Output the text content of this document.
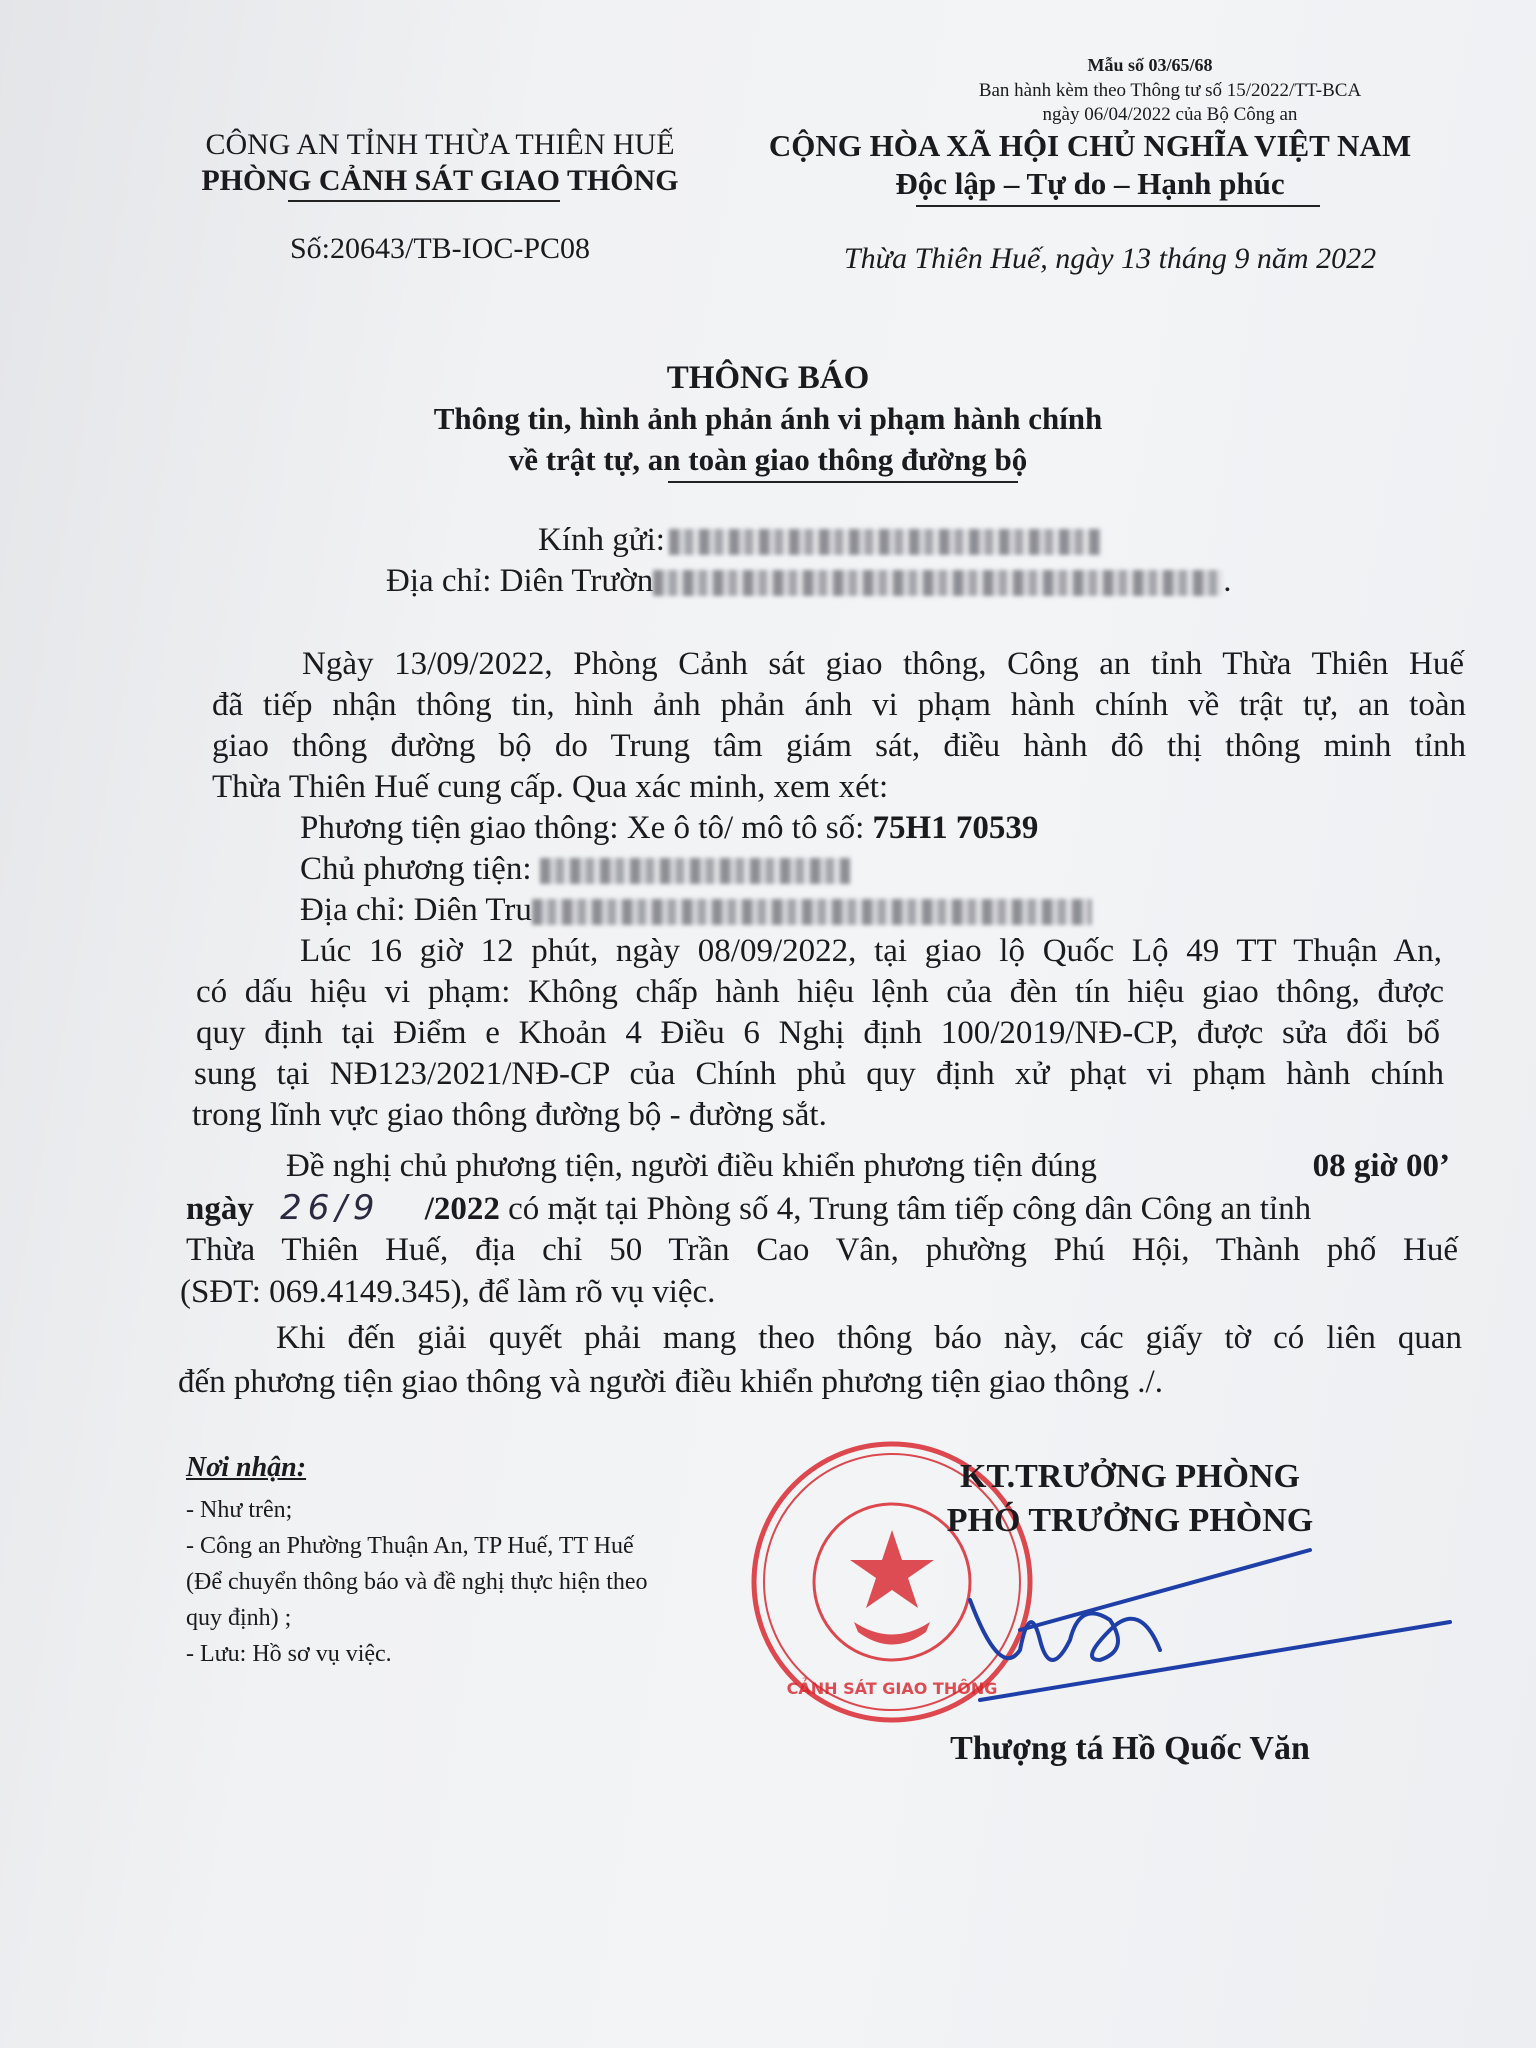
Mẫu số 03/65/68
Ban hành kèm theo Thông tư số 15/2022/TT-BCA
ngày 06/04/2022 của Bộ Công an
CÔNG AN TỈNH THỪA THIÊN HUẾ
PHÒNG CẢNH SÁT GIAO THÔNG
Số:20643/TB-IOC-PC08
CỘNG HÒA XÃ HỘI CHỦ NGHĨA VIỆT NAM
Độc lập – Tự do – Hạnh phúc
Thừa Thiên Huế, ngày 13 tháng 9 năm 2022
THÔNG BÁO
Thông tin, hình ảnh phản ánh vi phạm hành chính
về trật tự, an toàn giao thông đường bộ
Kính gửi:
Địa chỉ: Diên Trườn	.
Ngày 13/09/2022, Phòng Cảnh sát giao thông, Công an tỉnh Thừa Thiên Huế
đã tiếp nhận thông tin, hình ảnh phản ánh vi phạm hành chính về trật tự, an toàn
giao thông đường bộ do Trung tâm giám sát, điều hành đô thị thông minh tỉnh
Thừa Thiên Huế cung cấp. Qua xác minh, xem xét:
Phương tiện giao thông: Xe ô tô/ mô tô số: 75H1 70539
Chủ phương tiện:
Địa chỉ: Diên Tru
Lúc 16 giờ 12 phút, ngày 08/09/2022, tại giao lộ Quốc Lộ 49 TT Thuận An,
có dấu hiệu vi phạm: Không chấp hành hiệu lệnh của đèn tín hiệu giao thông, được
quy định tại Điểm e Khoản 4 Điều 6 Nghị định 100/2019/NĐ-CP, được sửa đổi bổ
sung tại NĐ123/2021/NĐ-CP của Chính phủ quy định xử phạt vi phạm hành chính
trong lĩnh vực giao thông đường bộ - đường sắt.
Đề nghị chủ phương tiện, người điều khiển phương tiện đúng	08 giờ 00’
ngày 26/9 /2022 có mặt tại Phòng số 4, Trung tâm tiếp công dân Công an tỉnh
Thừa Thiên Huế, địa chỉ 50 Trần Cao Vân, phường Phú Hội, Thành phố Huế
(SĐT: 069.4149.345), để làm rõ vụ việc.
Khi đến giải quyết phải mang theo thông báo này, các giấy tờ có liên quan
đến phương tiện giao thông và người điều khiển phương tiện giao thông ./.
Nơi nhận:
- Như trên;
- Công an Phường Thuận An, TP Huế, TT Huế
(Để chuyển thông báo và đề nghị thực hiện theo
quy định) ;
- Lưu: Hồ sơ vụ việc.
CẢNH SÁT GIAO THÔNG
KT.TRƯỞNG PHÒNG
PHÓ TRƯỞNG PHÒNG
Thượng tá Hồ Quốc Văn
